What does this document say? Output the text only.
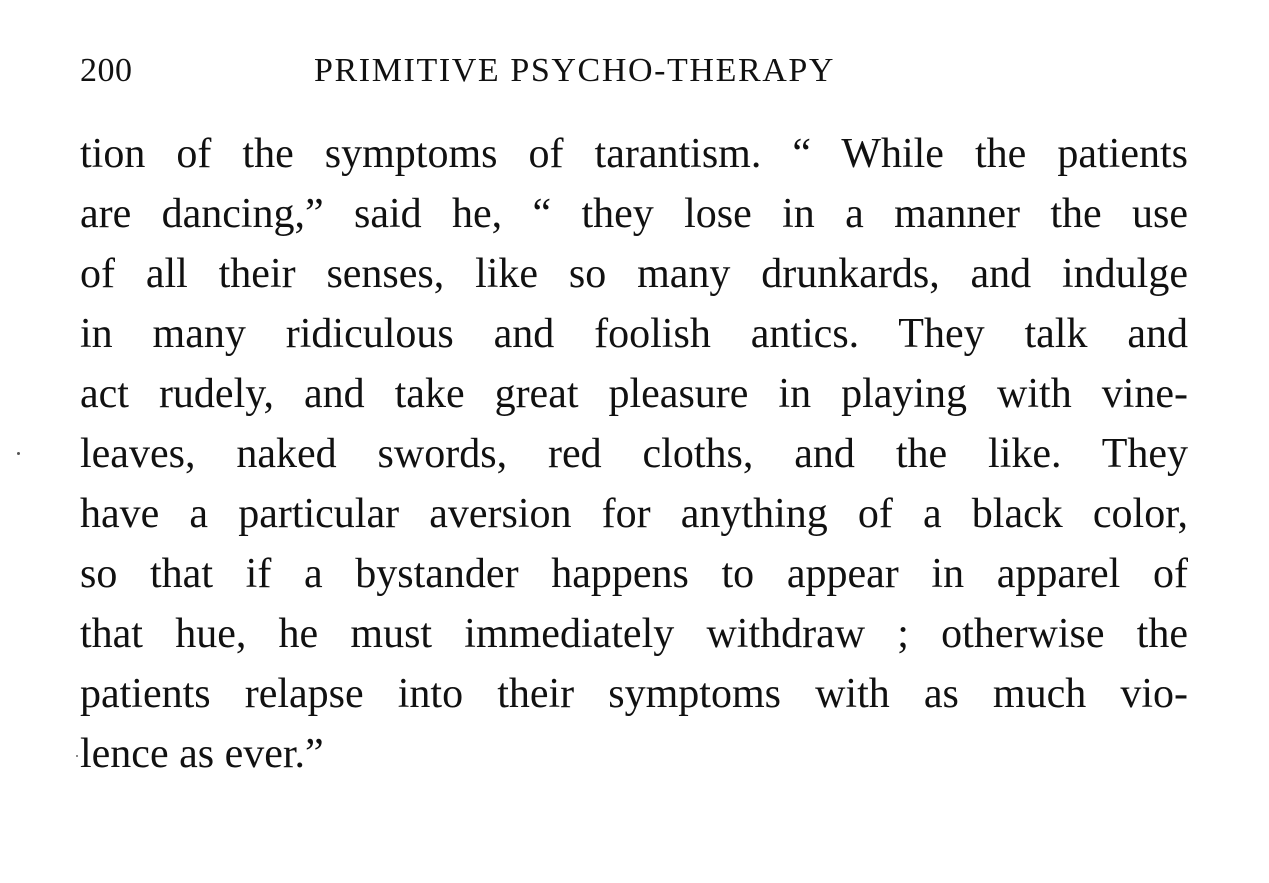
200	PRIMITIVE PSYCHO-THERAPY
tion of the symptoms of tarantism. “ While the patients
are dancing,” said he, “ they lose in a manner the use
of all their senses, like so many drunkards, and indulge
in many ridiculous and foolish antics. They talk and
act rudely, and take great pleasure in playing with vine-
leaves, naked swords, red cloths, and the like. They
have a particular aversion for anything of a black color,
so that if a bystander happens to appear in apparel of
that hue, he must immediately withdraw ; otherwise the
patients relapse into their symptoms with as much vio-
lence as ever.”
